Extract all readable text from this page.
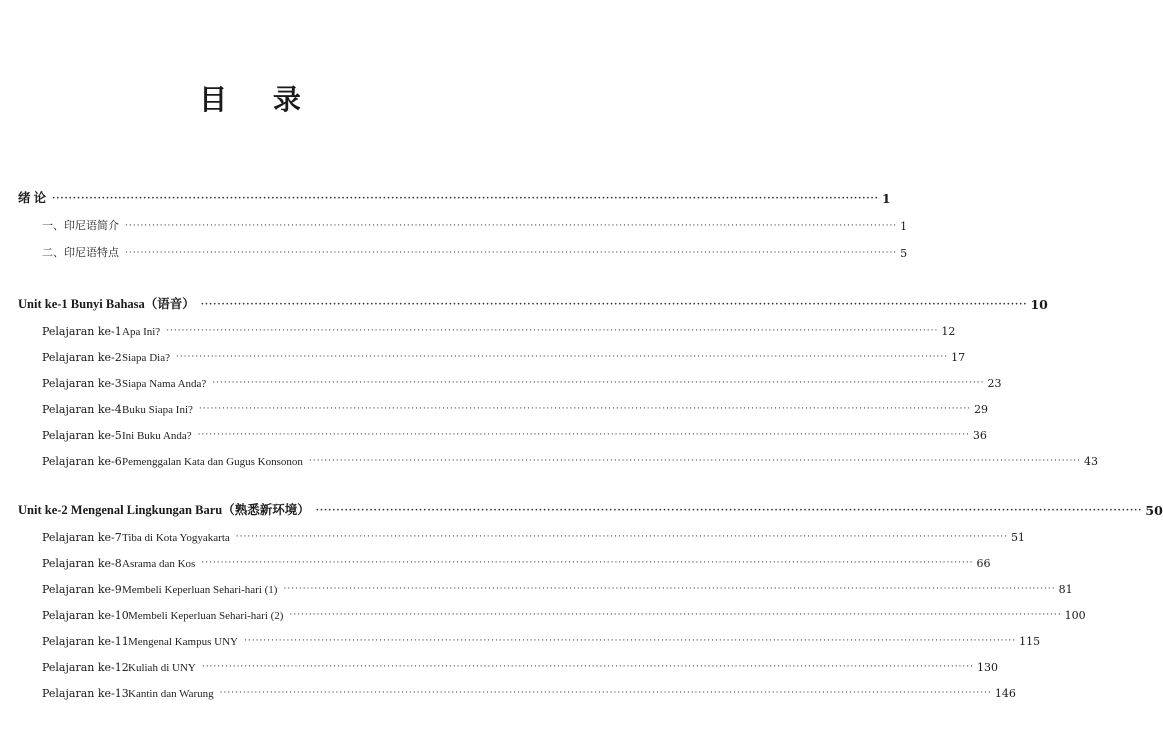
目 录
绪 论 ········································································································································································································ 1
一、印尼语简介 ········································································································································································································ 1
二、印尼语特点 ········································································································································································································ 5
Unit ke-1 Bunyi Bahasa（语音） ········································································································································································································ 10
Pelajaran ke-1 Apa Ini? ········································································································································································································ 12
Pelajaran ke-2 Siapa Dia? ········································································································································································································ 17
Pelajaran ke-3 Siapa Nama Anda? ········································································································································································································ 23
Pelajaran ke-4 Buku Siapa Ini? ········································································································································································································ 29
Pelajaran ke-5 Ini Buku Anda? ········································································································································································································ 36
Pelajaran ke-6 Pemenggalan Kata dan Gugus Konsonon ········································································································································································································ 43
Unit ke-2 Mengenal Lingkungan Baru（熟悉新环境） ········································································································································································································ 50
Pelajaran ke-7 Tiba di Kota Yogyakarta ········································································································································································································ 51
Pelajaran ke-8 Asrama dan Kos ········································································································································································································ 66
Pelajaran ke-9 Membeli Keperluan Sehari-hari (1) ········································································································································································································ 81
Pelajaran ke-10 Membeli Keperluan Sehari-hari (2) ········································································································································································································ 100
Pelajaran ke-11 Mengenal Kampus UNY ········································································································································································································ 115
Pelajaran ke-12 Kuliah di UNY ········································································································································································································ 130
Pelajaran ke-13 Kantin dan Warung ········································································································································································································ 146
